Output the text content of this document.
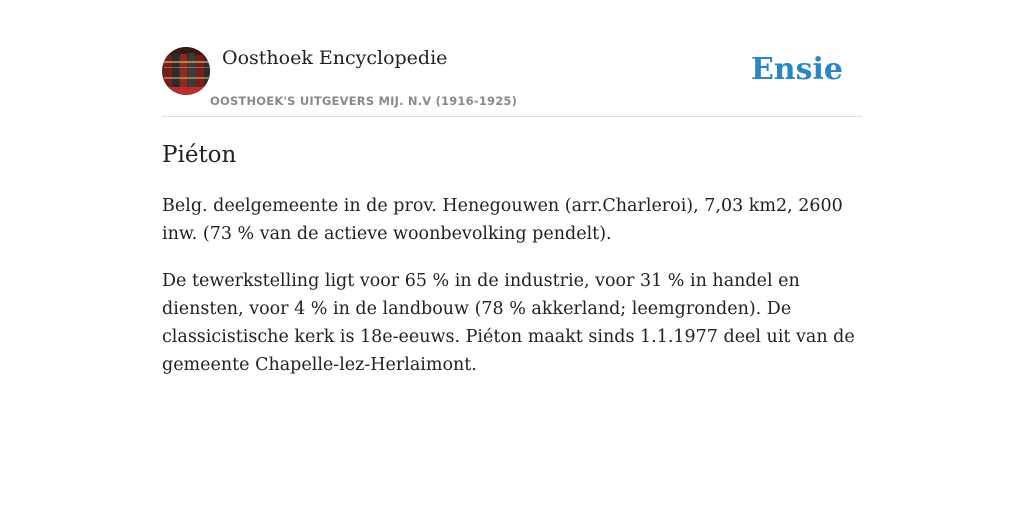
Oosthoek Encyclopedie
OOSTHOEK'S UITGEVERS MIJ. N.V (1916-1925)
Ensie
Piéton

Belg. deelgemeente in de prov. Henegouwen (arr.Charleroi), 7,03 km2, 2600 inw. (73 % van de actieve woonbevolking pendelt).

De tewerkstelling ligt voor 65 % in de industrie, voor 31 % in handel en diensten, voor 4 % in de landbouw (78 % akkerland; leemgronden). De classicistische kerk is 18e-eeuws. Piéton maakt sinds 1.1.1977 deel uit van de gemeente Chapelle-lez-Herlaimont.
